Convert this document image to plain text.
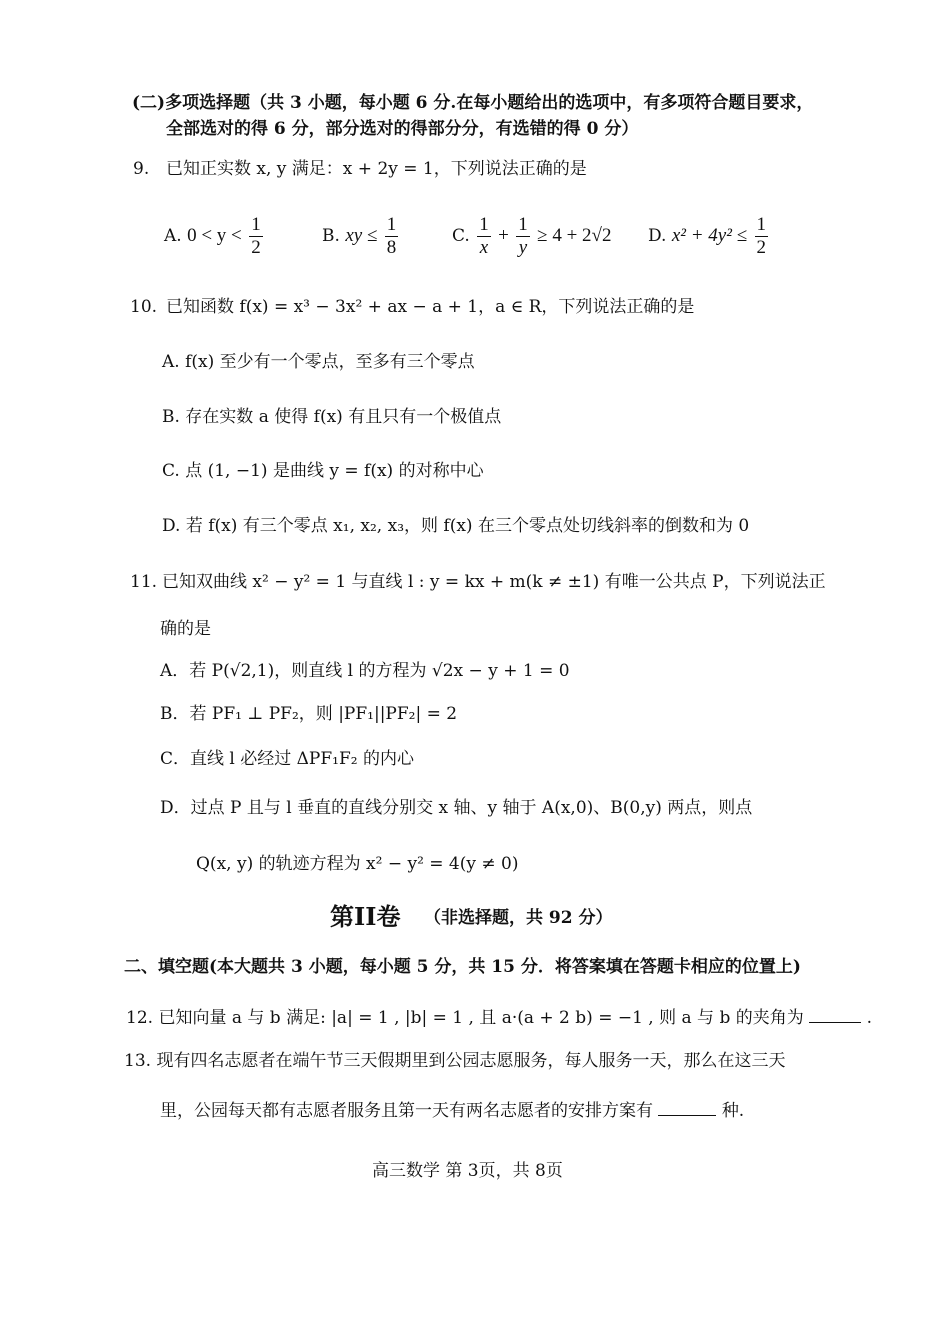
(二)多项选择题（共 3 小题，每小题 6 分.在每小题给出的选项中，有多项符合题目要求，
全部选对的得 6 分，部分选对的得部分分，有选错的得 0 分）
9. 已知正实数 x, y 满足：x + 2y = 1，下列说法正确的是
A. $0 < y < \frac{1}{2}$	B. xy ≤ $\frac{1}{8}$	C. $\frac{1}{x} + \frac{1}{y} \ge 4 + 2√2$ D. $x^2 + 4y^2 \le \frac{1}{2}$
10. 已知函数 f(x) = x³ − 3x² + ax − a + 1，a ∈ R，下列说法正确的是
A. f(x) 至少有一个零点，至多有三个零点
B. 存在实数 a 使得 f(x) 有且只有一个极值点
C. 点 (1, −1) 是曲线 y = f(x) 的对称中心
D. 若 f(x) 有三个零点 x₁, x₂, x₃，则 f(x) 在三个零点处切线斜率的倒数和为 0
11. 已知双曲线 x² − y² = 1 与直线 l : y = kx + m(k ≠ ±1) 有唯一公共点 P，下列说法正
确的是
A．若 P(√2,1)，则直线 l 的方程为 √2x − y + 1 = 0
B．若 PF₁ ⊥ PF₂，则 |PF₁||PF₂| = 2
C．直线 l 必经过 ΔPF₁F₂ 的内心
D．过点 P 且与 l 垂直的直线分别交 x 轴、y 轴于 A(x,0)、B(0,y) 两点，则点
Q(x, y) 的轨迹方程为 x² − y² = 4(y ≠ 0)
第II卷 （非选择题，共 92 分）
二、填空题(本大题共 3 小题，每小题 5 分，共 15 分．将答案填在答题卡相应的位置上)
12. 已知向量 a 与 b 满足: |a| = 1 , |b| = 1 , 且 a·(a + 2 b) = −1 , 则 a 与 b 的夹角为	.
13. 现有四名志愿者在端午节三天假期里到公园志愿服务，每人服务一天，那么在这三天
里，公园每天都有志愿者服务且第一天有两名志愿者的安排方案有	种.
高三数学 第 3页，共 8页
